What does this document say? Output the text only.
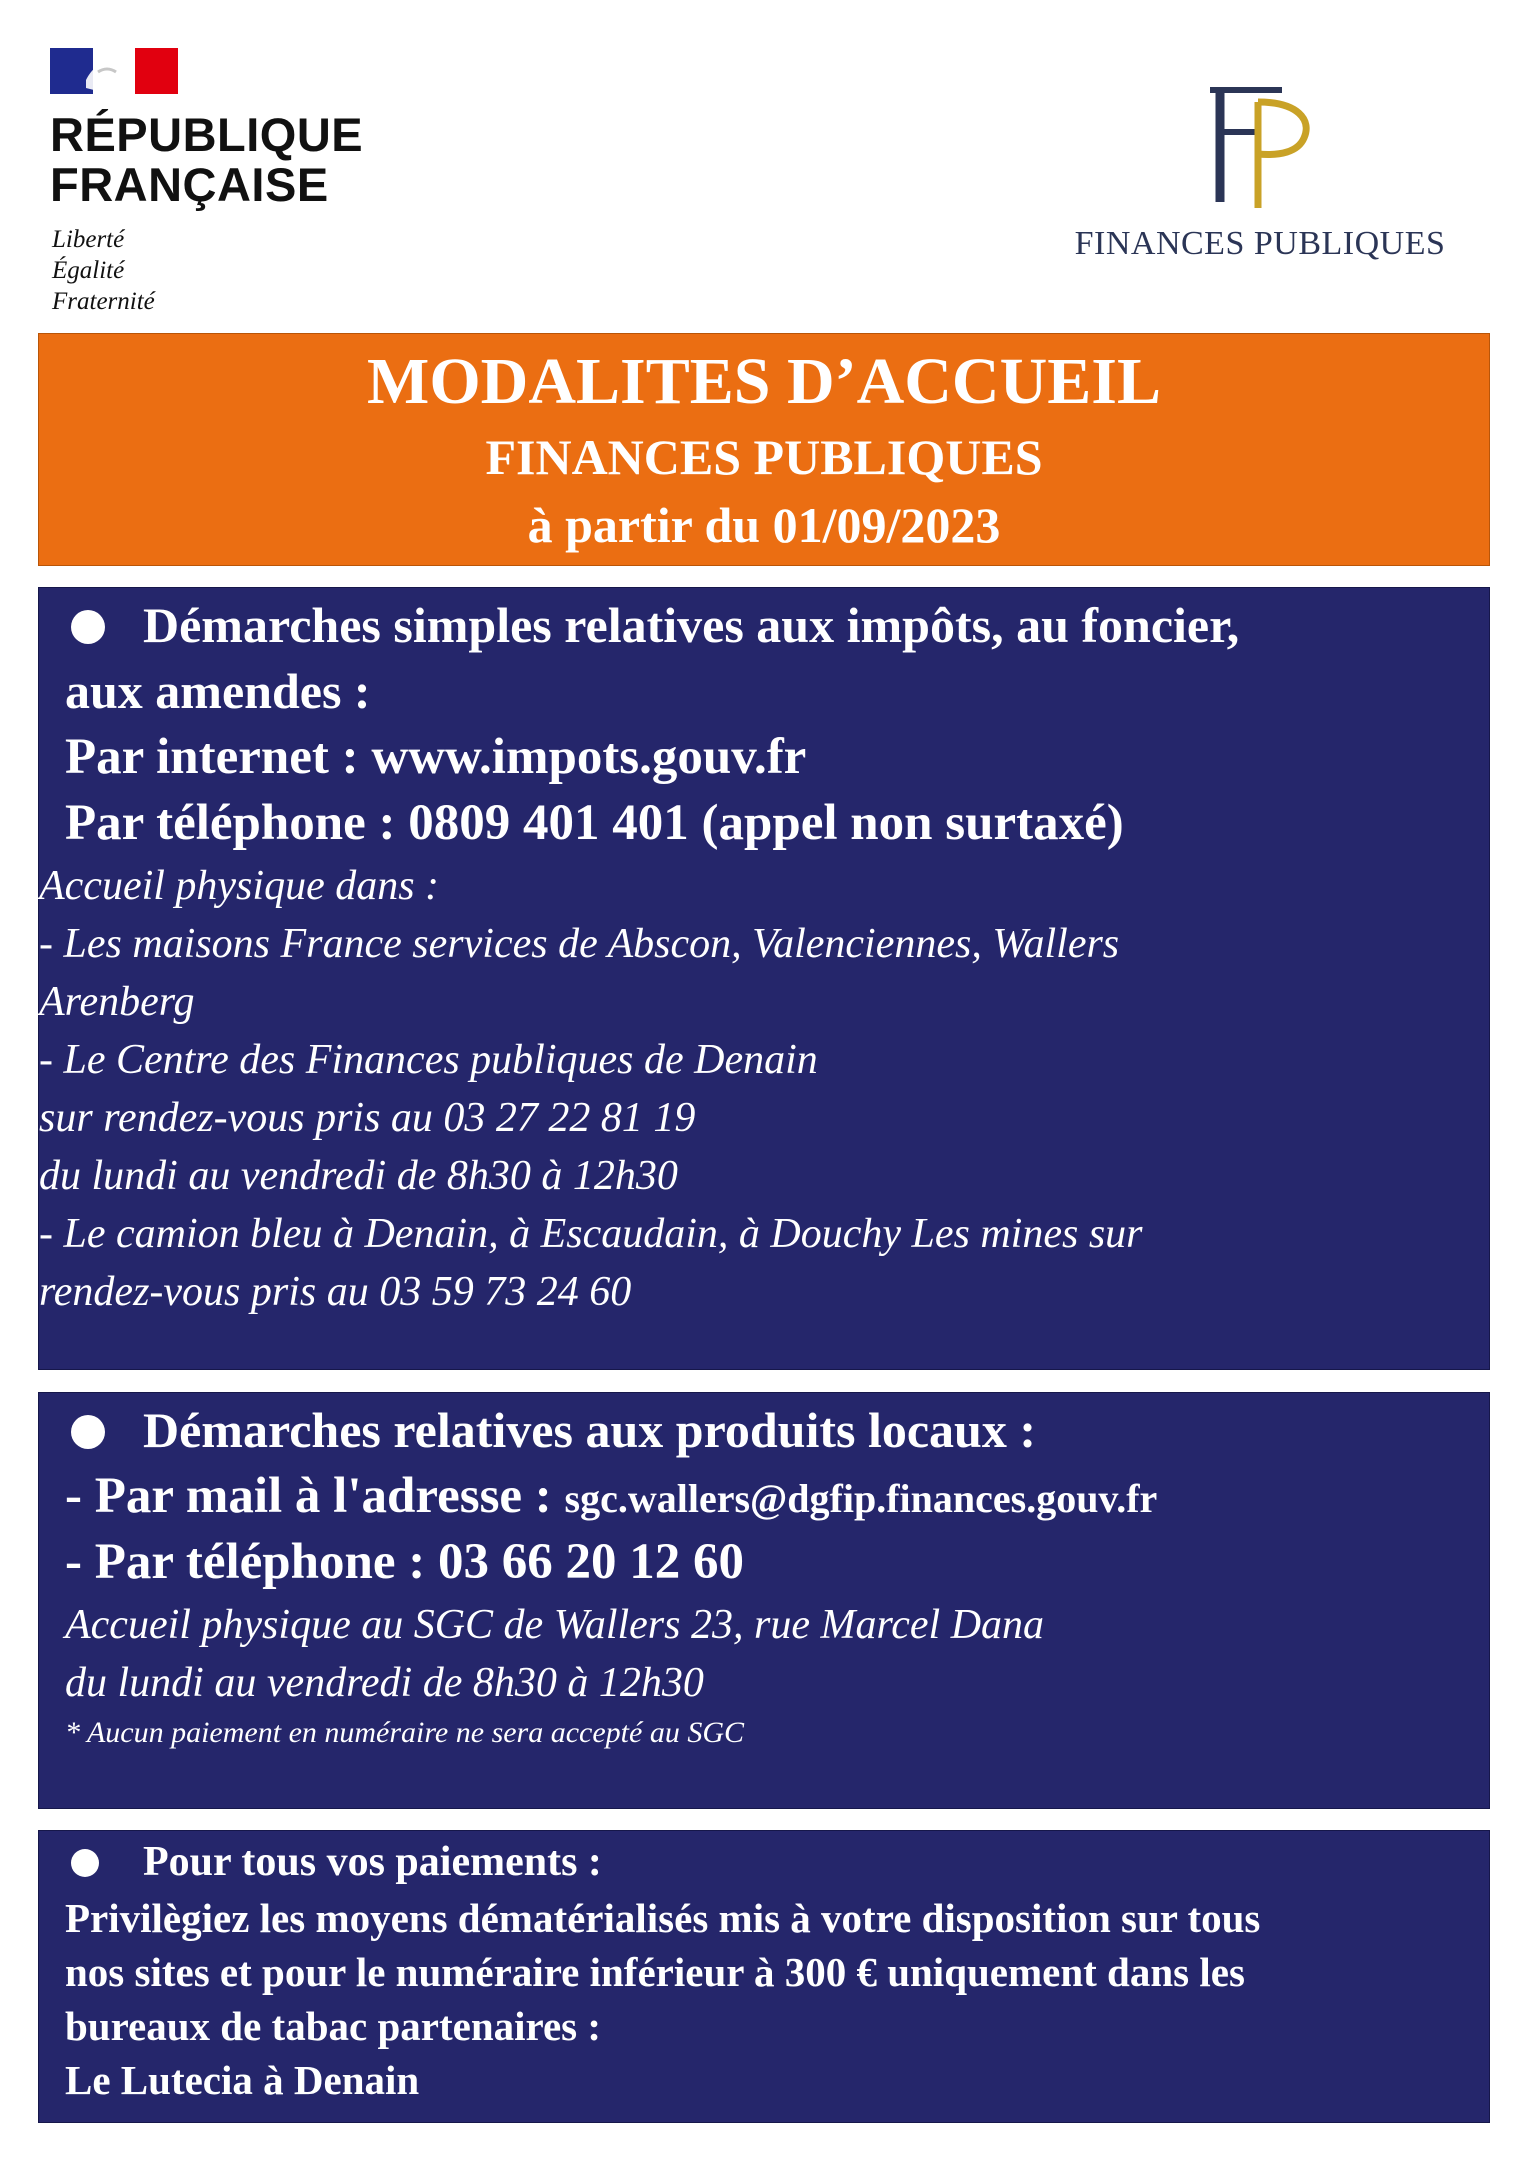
RÉPUBLIQUE
FRANÇAISE
Liberté
Égalité
Fraternité
FINANCES PUBLIQUES
MODALITES D’ACCUEIL
FINANCES PUBLIQUES
à partir du 01/09/2023
Démarches simples relatives aux impôts, au foncier,
aux amendes :
Par internet : www.impots.gouv.fr
Par téléphone : 0809 401 401 (appel non surtaxé)
Accueil physique dans :
- Les maisons France services de Abscon, Valenciennes, Wallers
Arenberg
- Le Centre des Finances publiques de Denain
sur rendez-vous pris au 03 27 22 81 19
du lundi au vendredi de 8h30 à 12h30
- Le camion bleu à Denain, à Escaudain, à Douchy Les mines sur
rendez-vous pris au 03 59 73 24 60
Démarches relatives aux produits locaux :
- Par mail à l'adresse : sgc.wallers@dgfip.finances.gouv.fr
- Par téléphone : 03 66 20 12 60
Accueil physique au SGC de Wallers 23, rue Marcel Dana
du lundi au vendredi de 8h30 à 12h30
* Aucun paiement en numéraire ne sera accepté au SGC
Pour tous vos paiements :
Privilègiez les moyens dématérialisés mis à votre disposition sur tous
nos sites et pour le numéraire inférieur à 300 € uniquement dans les
bureaux de tabac partenaires :
Le Lutecia à Denain
